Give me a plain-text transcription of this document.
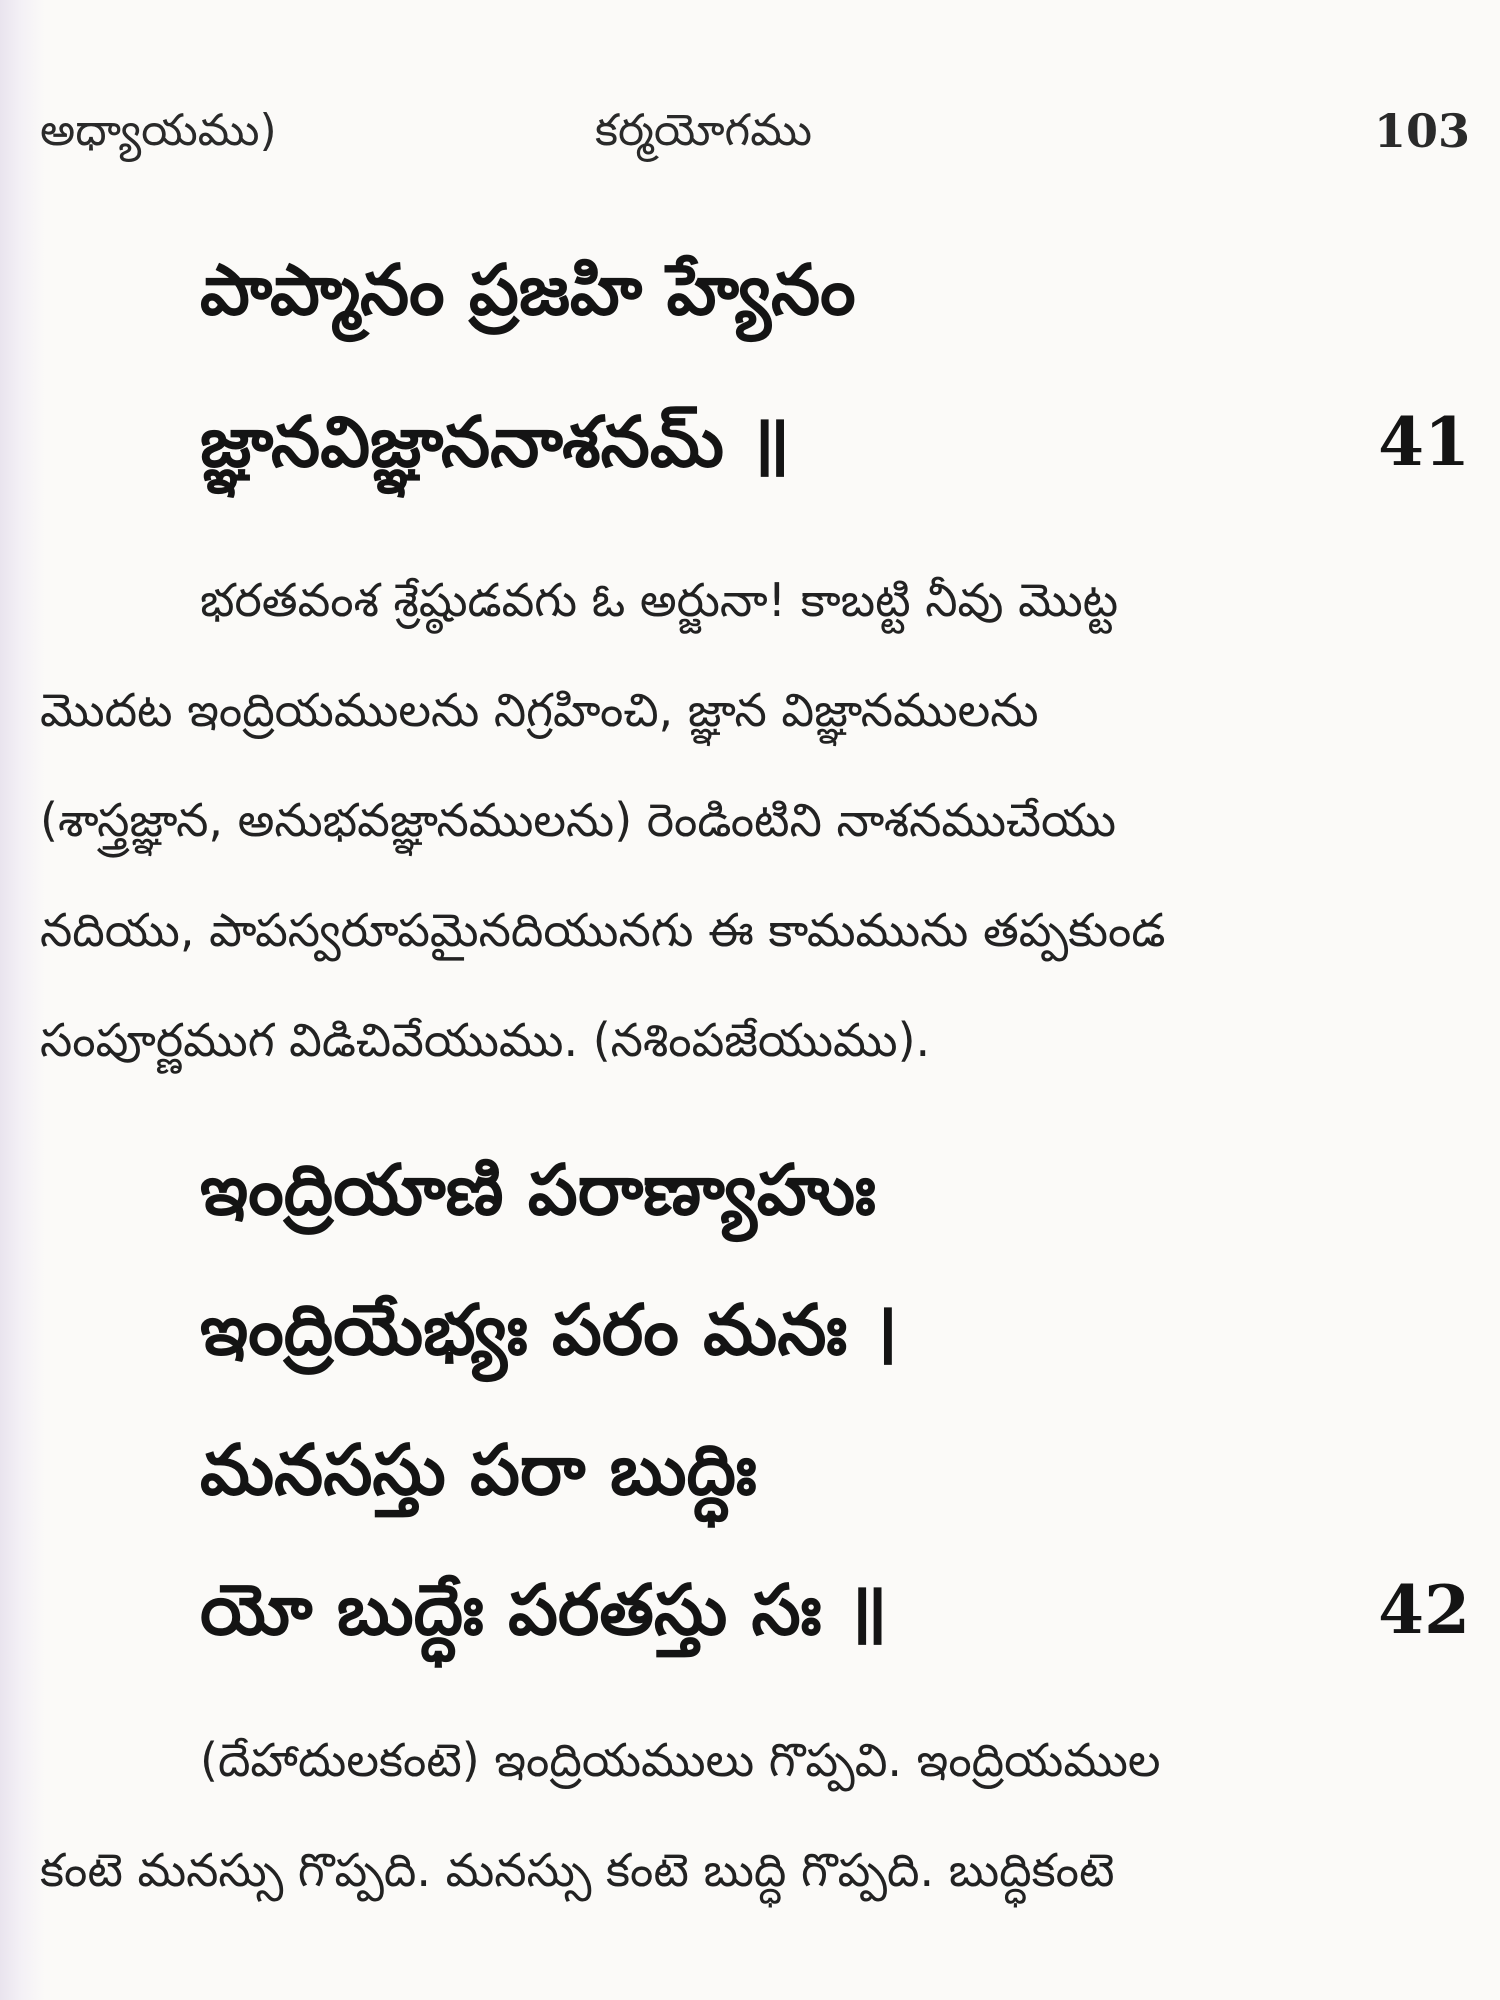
అధ్యాయము)	కర్మయోగము	103
పాప్మానం ప్రజహి హ్యేనం
జ్ఞానవిజ్ఞాననాశనమ్ ॥	41
భరతవంశ శ్రేష్ఠుడవగు ఓ అర్జునా! కాబట్టి నీవు మొట్ట
మొదట ఇంద్రియములను నిగ్రహించి, జ్ఞాన విజ్ఞానములను
(శాస్త్రజ్ఞాన, అనుభవజ్ఞానములను) రెండింటిని నాశనముచేయు
నదియు, పాపస్వరూపమైనదియునగు ఈ కామమును తప్పకుండ
సంపూర్ణముగ విడిచివేయుము. (నశింపజేయుము).
ఇంద్రియాణి పరాణ్యాహుః
ఇంద్రియేభ్యః పరం మనః ।
మనసస్తు పరా బుద్ధిః
యో బుద్ధేః పరతస్తు సః ॥	42
(దేహాదులకంటె) ఇంద్రియములు గొప్పవి. ఇంద్రియముల
కంటె మనస్సు గొప్పది. మనస్సు కంటె బుద్ధి గొప్పది. బుద్ధికంటె
